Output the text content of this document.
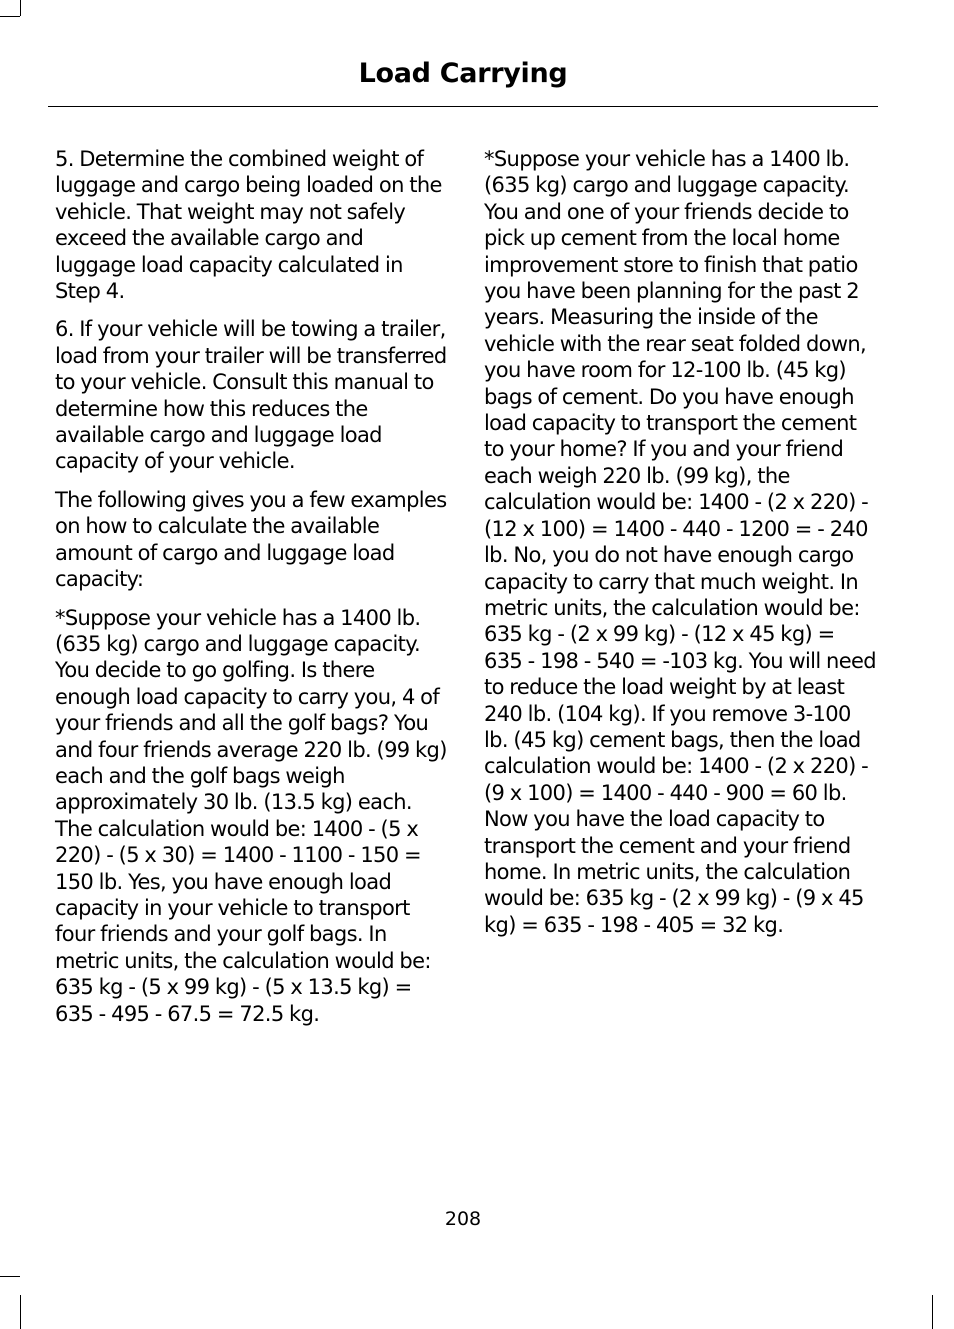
Load Carrying

5. Determine the combined weight of luggage and cargo being loaded on the vehicle. That weight may not safely exceed the available cargo and luggage load capacity calculated in Step 4.

6. If your vehicle will be towing a trailer, load from your trailer will be transferred to your vehicle. Consult this manual to determine how this reduces the available cargo and luggage load capacity of your vehicle.

The following gives you a few examples on how to calculate the available amount of cargo and luggage load capacity:

*Suppose your vehicle has a 1400 lb. (635 kg) cargo and luggage capacity. You decide to go golfing. Is there enough load capacity to carry you, 4 of your friends and all the golf bags? You and four friends average 220 lb. (99 kg) each and the golf bags weigh approximately 30 lb. (13.5 kg) each. The calculation would be: 1400 - (5 x 220) - (5 x 30) = 1400 - 1100 - 150 = 150 lb. Yes, you have enough load capacity in your vehicle to transport four friends and your golf bags. In metric units, the calculation would be: 635 kg - (5 x 99 kg) - (5 x 13.5 kg) = 635 - 495 - 67.5 = 72.5 kg.

*Suppose your vehicle has a 1400 lb. (635 kg) cargo and luggage capacity. You and one of your friends decide to pick up cement from the local home improvement store to finish that patio you have been planning for the past 2 years. Measuring the inside of the vehicle with the rear seat folded down, you have room for 12-100 lb. (45 kg) bags of cement. Do you have enough load capacity to transport the cement to your home? If you and your friend each weigh 220 lb. (99 kg), the calculation would be: 1400 - (2 x 220) - (12 x 100) = 1400 - 440 - 1200 = - 240 lb. No, you do not have enough cargo capacity to carry that much weight. In metric units, the calculation would be: 635 kg - (2 x 99 kg) - (12 x 45 kg) = 635 - 198 - 540 = -103 kg. You will need to reduce the load weight by at least 240 lb. (104 kg). If you remove 3-100 lb. (45 kg) cement bags, then the load calculation would be: 1400 - (2 x 220) - (9 x 100) = 1400 - 440 - 900 = 60 lb. Now you have the load capacity to transport the cement and your friend home. In metric units, the calculation would be: 635 kg - (2 x 99 kg) - (9 x 45 kg) = 635 - 198 - 405 = 32 kg.

208
